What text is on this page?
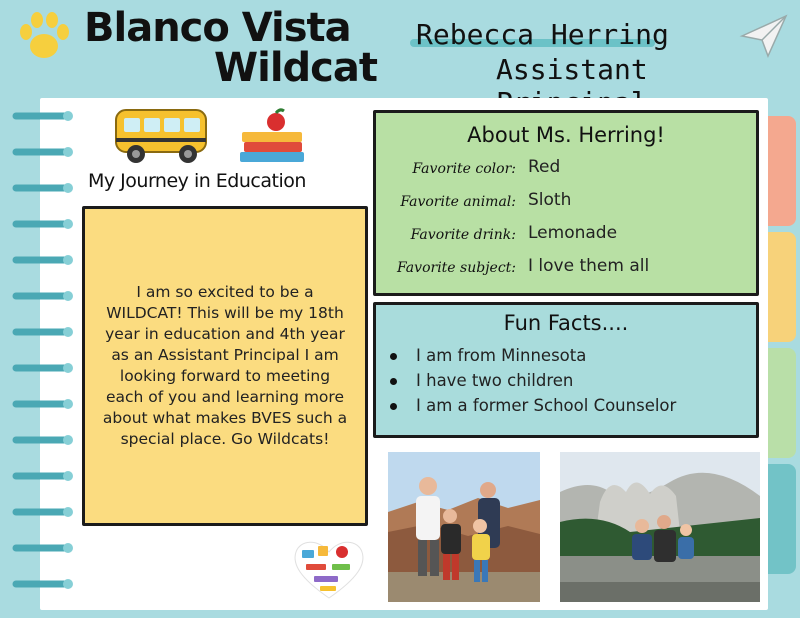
Blanco Vista
Wildcat
Rebecca Herring
Assistant
My Journey in Education

I am so excited to be a WILDCAT! This will be my 18th year in education and 4th year as an Assistant Principal I am looking forward to meeting each of you and learning more about what makes BVES such a special place. Go Wildcats!

About Ms. Herring!
Favorite color: Red
Favorite animal: Sloth
Favorite drink: Lemonade
Favorite subject: I love them all
Fun Facts....
I am from Minnesota
I have two children
I am a former School Counselor
